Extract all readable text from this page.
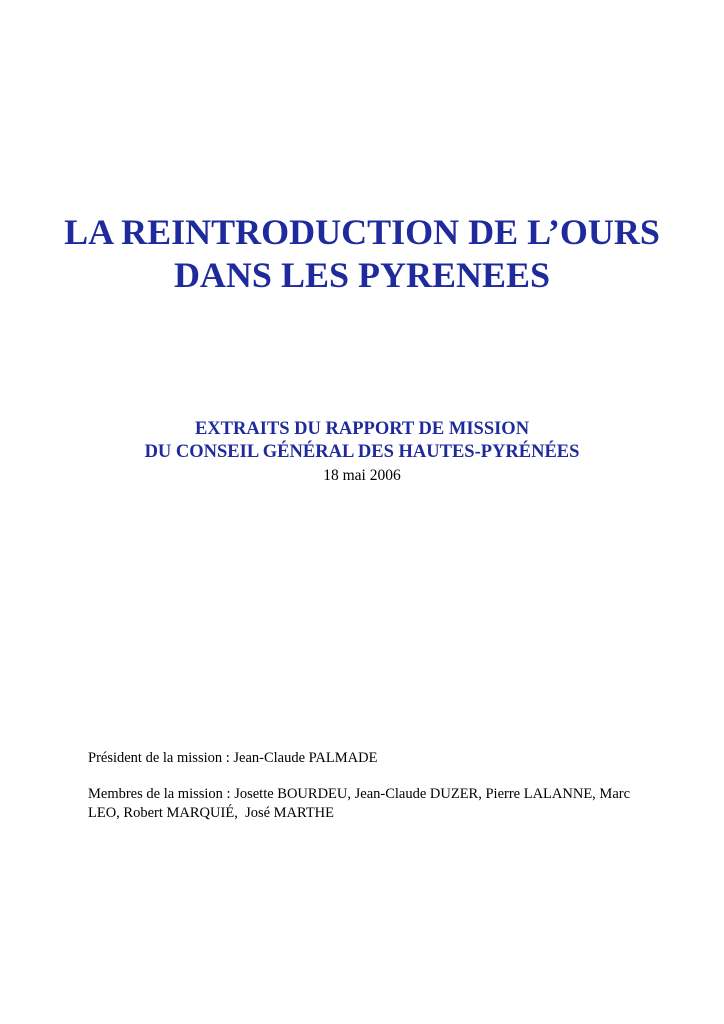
LA REINTRODUCTION DE L’OURS
DANS LES PYRENEES
EXTRAITS DU RAPPORT DE MISSION
DU CONSEIL GÉNÉRAL DES HAUTES-PYRÉNÉES
18 mai 2006

Président de la mission : Jean-Claude PALMADE

Membres de la mission : Josette BOURDEU, Jean-Claude DUZER, Pierre LALANNE, Marc LEO, Robert MARQUIÉ,  José MARTHE
